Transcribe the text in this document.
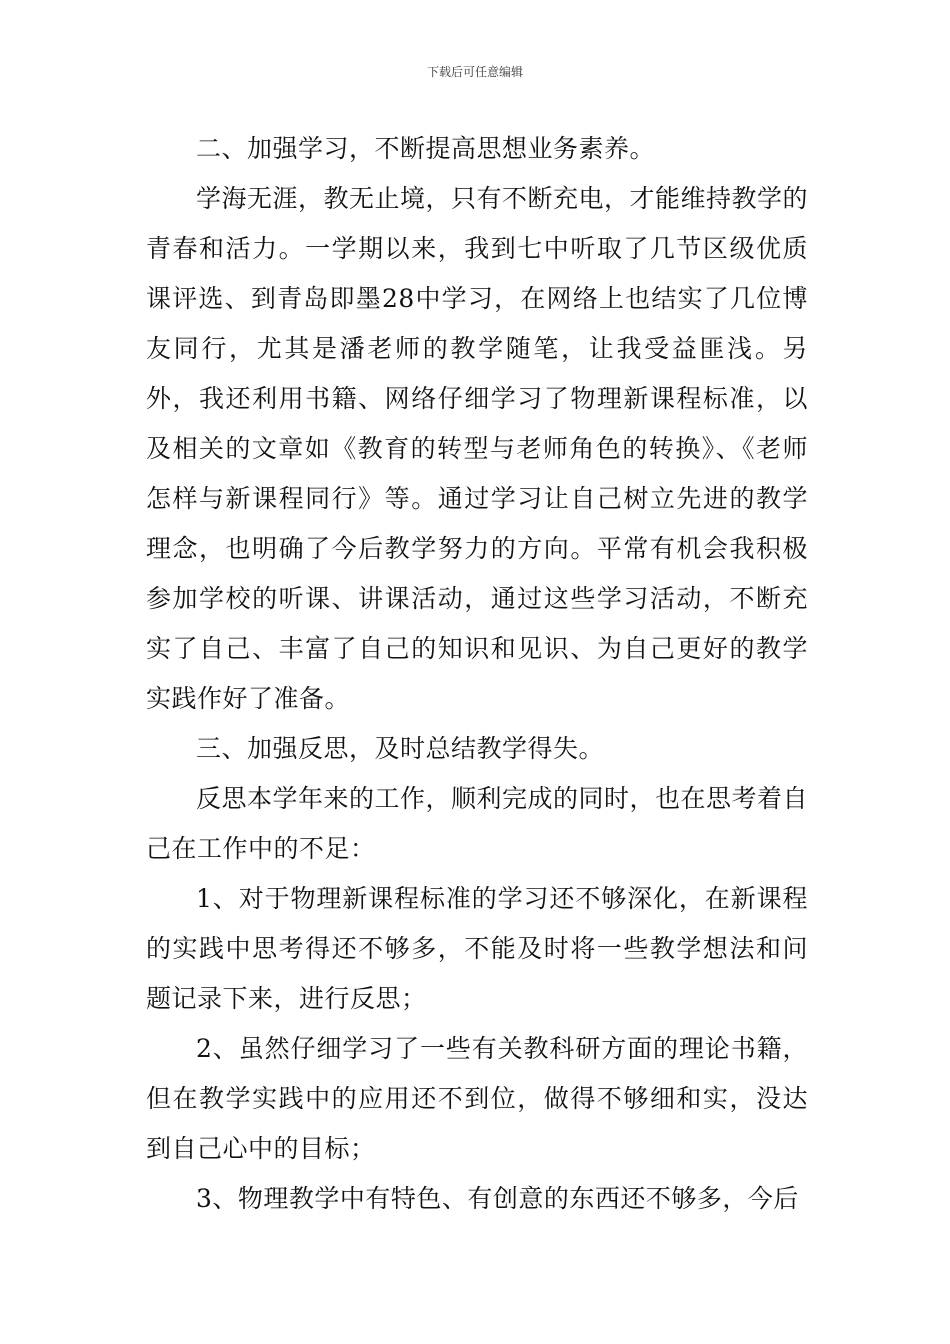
下载后可任意编辑

二、加强学习，不断提高思想业务素养。

学海无涯，教无止境，只有不断充电，才能维持教学的青春和活力。一学期以来，我到七中听取了几节区级优质课评选、到青岛即墨28中学习，在网络上也结实了几位博友同行，尤其是潘老师的教学随笔，让我受益匪浅。另外，我还利用书籍、网络仔细学习了物理新课程标准，以及相关的文章如《教育的转型与老师角色的转换》、《老师怎样与新课程同行》等。通过学习让自己树立先进的教学理念，也明确了今后教学努力的方向。平常有机会我积极参加学校的听课、讲课活动，通过这些学习活动，不断充实了自己、丰富了自己的知识和见识、为自己更好的教学实践作好了准备。

三、加强反思，及时总结教学得失。

反思本学年来的工作，顺利完成的同时，也在思考着自己在工作中的不足：

1、对于物理新课程标准的学习还不够深化，在新课程的实践中思考得还不够多，不能及时将一些教学想法和问题记录下来，进行反思；

2、虽然仔细学习了一些有关教科研方面的理论书籍，但在教学实践中的应用还不到位，做得不够细和实，没达到自己心中的目标；

3、物理教学中有特色、有创意的东西还不够多，今后
